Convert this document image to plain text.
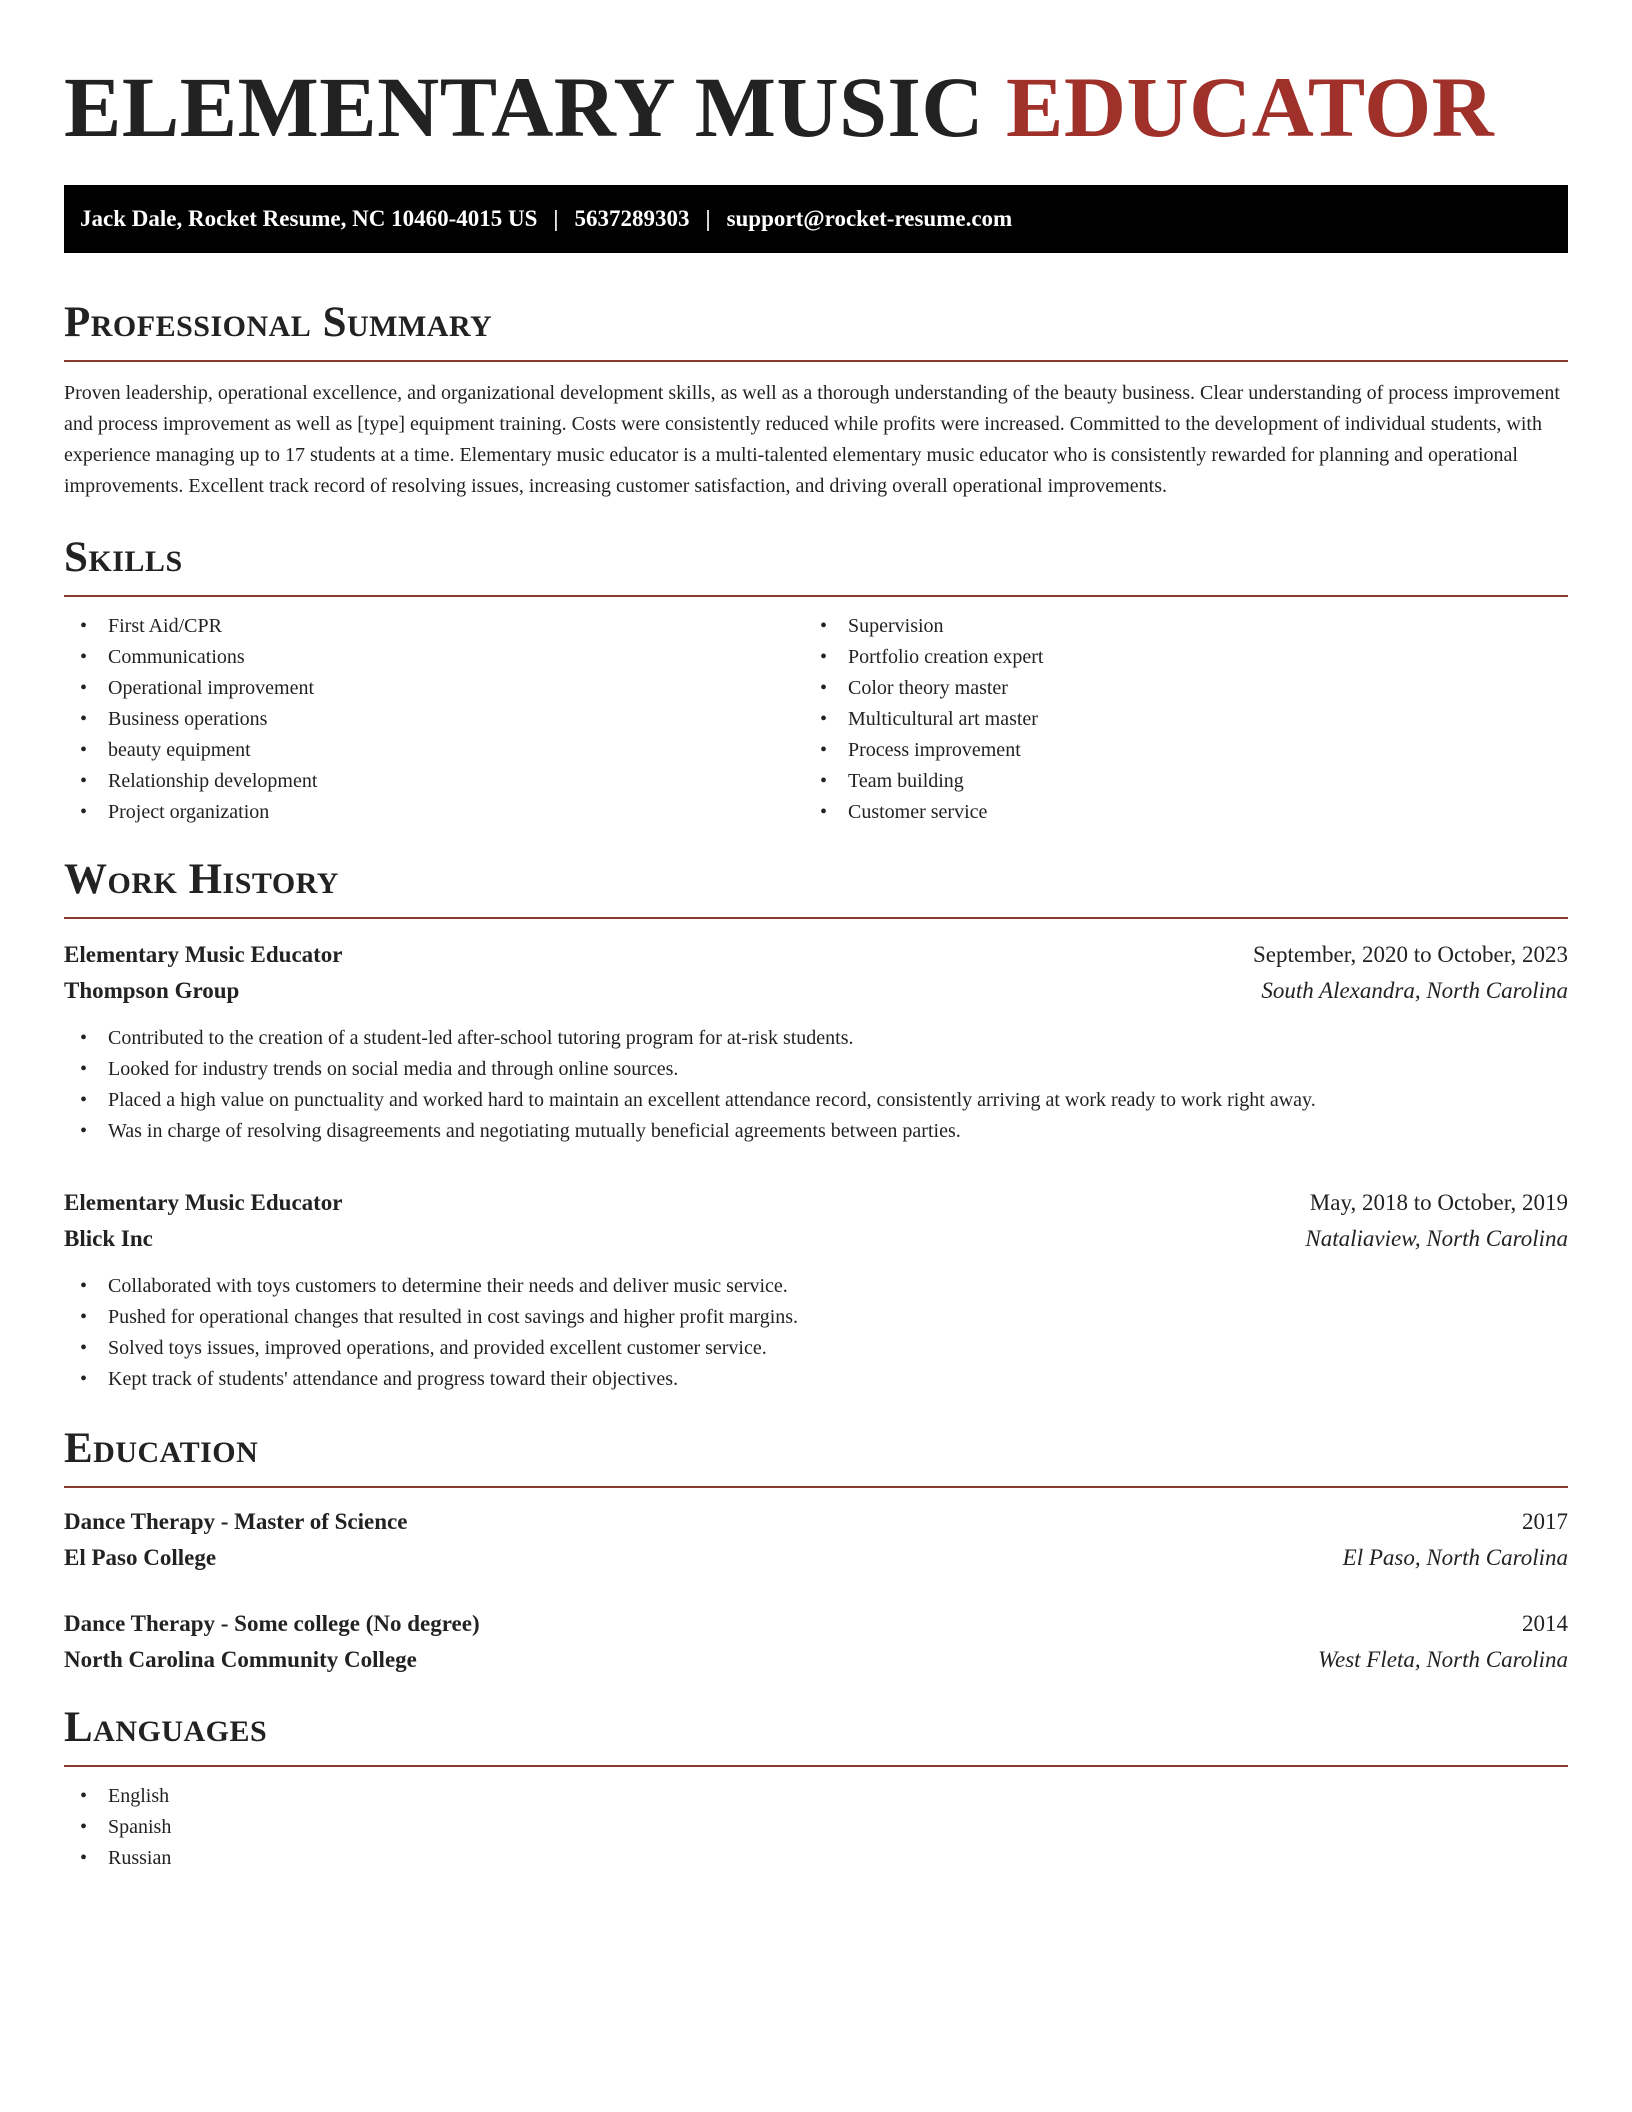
ELEMENTARY MUSIC EDUCATOR
Jack Dale, Rocket Resume, NC 10460-4015 US | 5637289303 | support@rocket-resume.com
Professional Summary

Proven leadership, operational excellence, and organizational development skills, as well as a thorough understanding of the beauty business. Clear understanding of process improvement and process improvement as well as [type] equipment training. Costs were consistently reduced while profits were increased. Committed to the development of individual students, with experience managing up to 17 students at a time. Elementary music educator is a multi-talented elementary music educator who is consistently rewarded for planning and operational improvements. Excellent track record of resolving issues, increasing customer satisfaction, and driving overall operational improvements.

Skills
• First Aid/CPR
• Communications
• Operational improvement
• Business operations
• beauty equipment
• Relationship development
• Project organization
• Supervision
• Portfolio creation expert
• Color theory master
• Multicultural art master
• Process improvement
• Team building
• Customer service
Work History
Elementary Music Educator	September, 2020 to October, 2023
Thompson Group	South Alexandra, North Carolina
• Contributed to the creation of a student-led after-school tutoring program for at-risk students.
• Looked for industry trends on social media and through online sources.
• Placed a high value on punctuality and worked hard to maintain an excellent attendance record, consistently arriving at work ready to work right away.
• Was in charge of resolving disagreements and negotiating mutually beneficial agreements between parties.
Elementary Music Educator	May, 2018 to October, 2019
Blick Inc	Nataliaview, North Carolina
• Collaborated with toys customers to determine their needs and deliver music service.
• Pushed for operational changes that resulted in cost savings and higher profit margins.
• Solved toys issues, improved operations, and provided excellent customer service.
• Kept track of students' attendance and progress toward their objectives.
Education
Dance Therapy - Master of Science	2017
El Paso College	El Paso, North Carolina
Dance Therapy - Some college (No degree)	2014
North Carolina Community College	West Fleta, North Carolina
Languages
• English
• Spanish
• Russian
